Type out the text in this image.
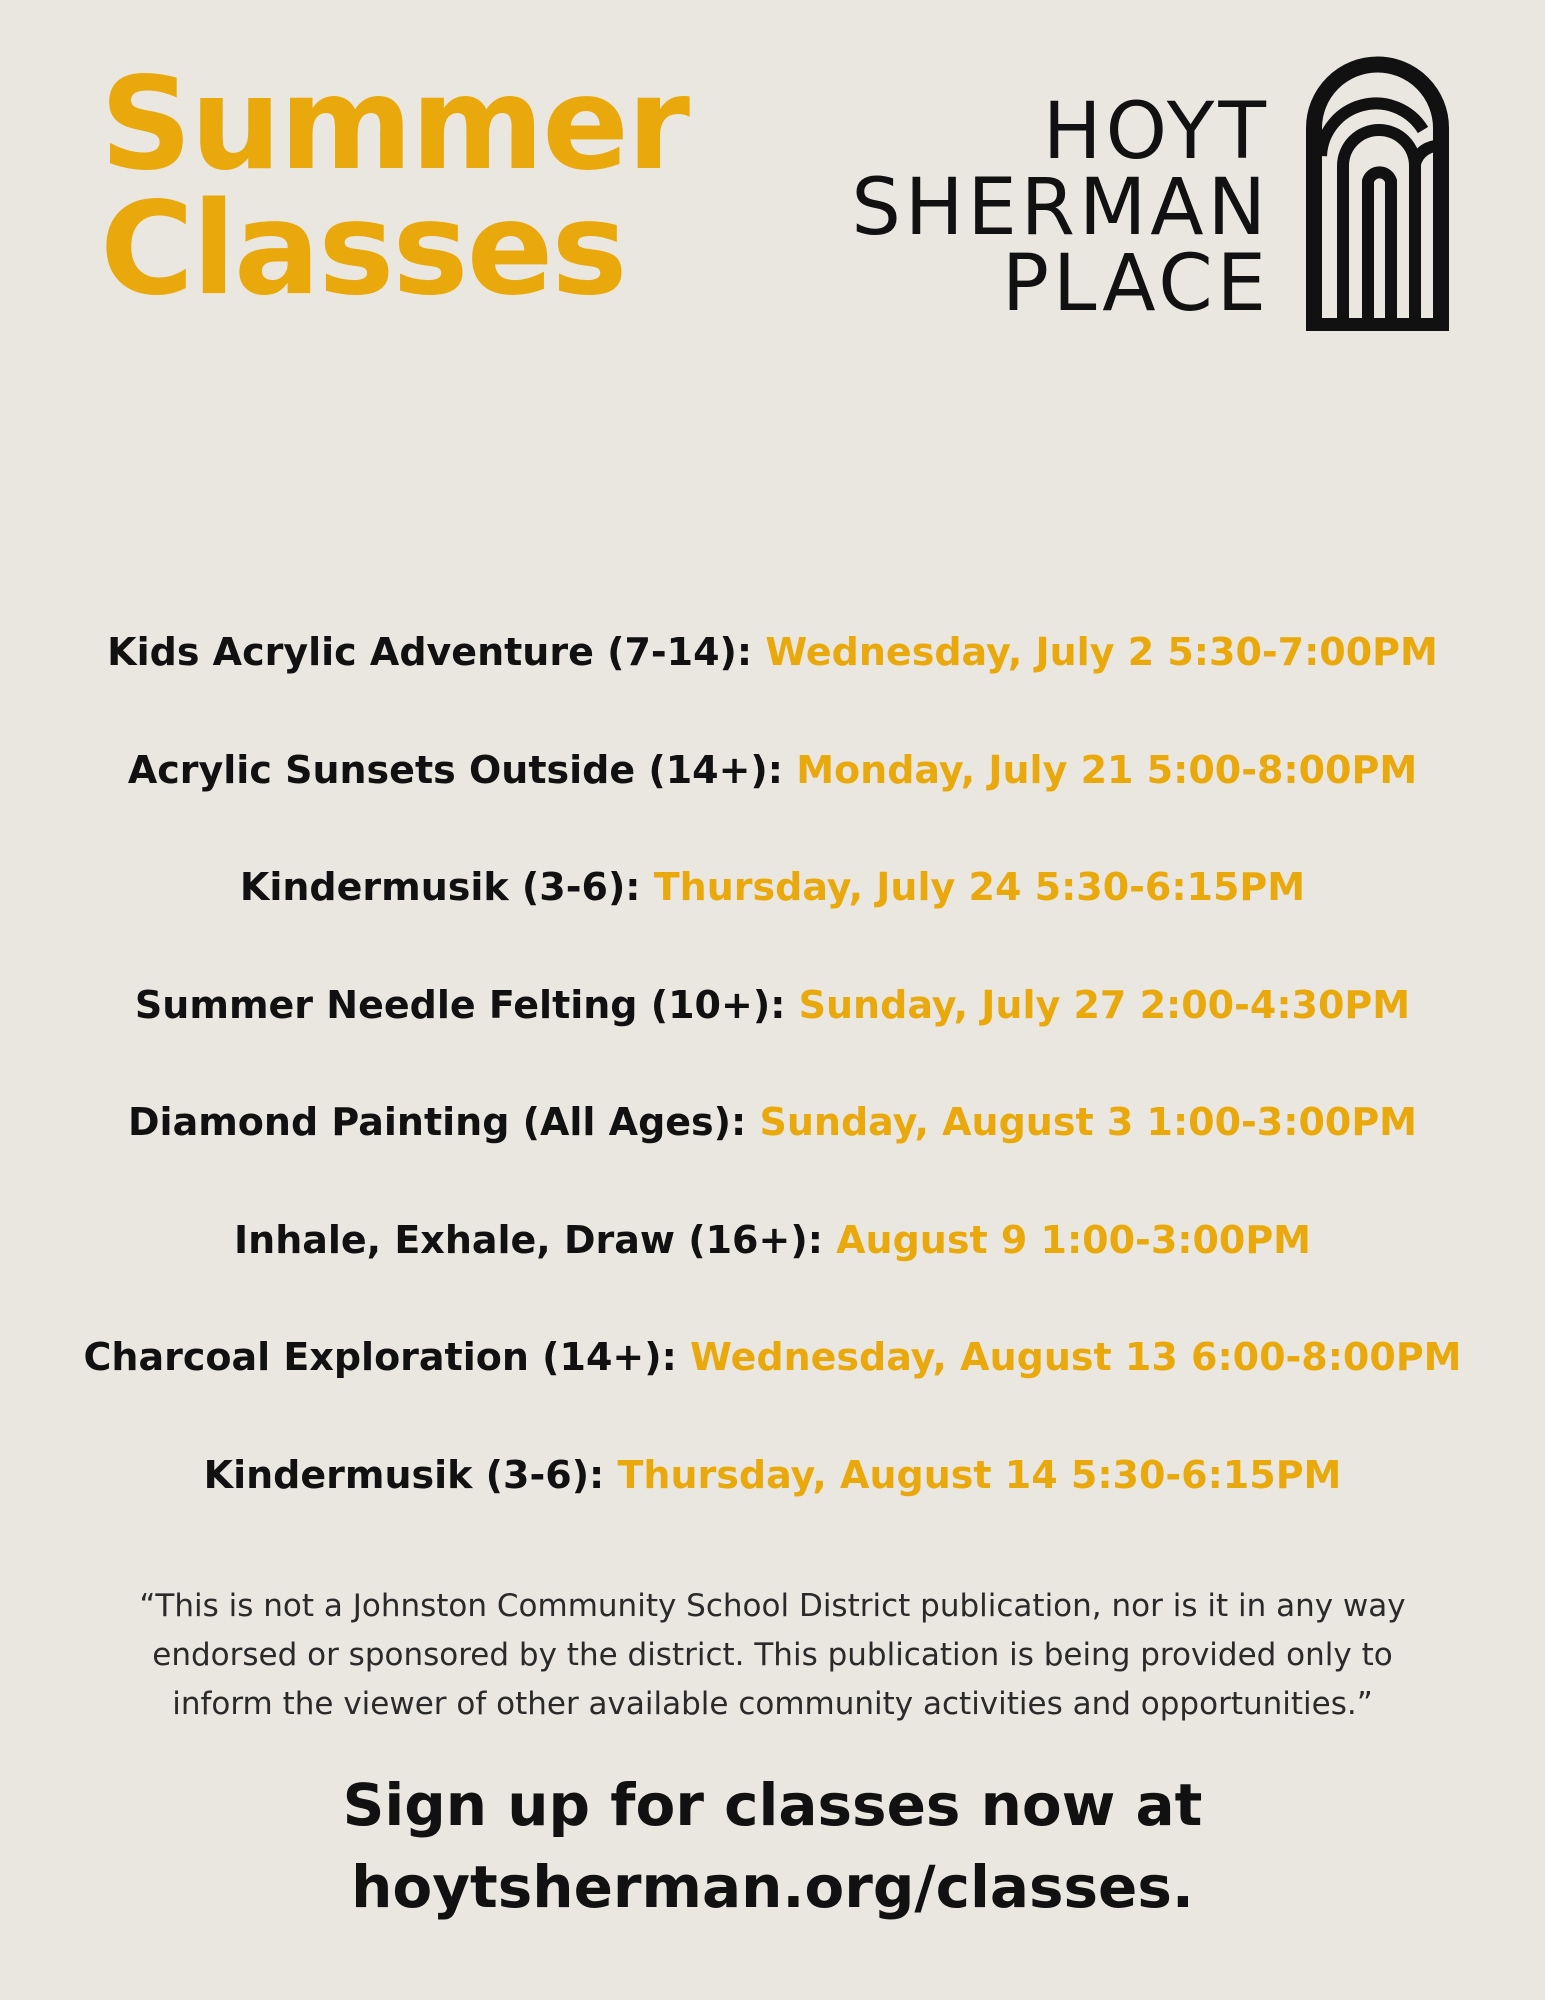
Summer
Classes
HOYT
SHERMAN
PLACE
Kids Acrylic Adventure (7-14): Wednesday, July 2 5:30-7:00PM
Acrylic Sunsets Outside (14+): Monday, July 21 5:00-8:00PM
Kindermusik (3-6): Thursday, July 24 5:30-6:15PM
Summer Needle Felting (10+): Sunday, July 27 2:00-4:30PM
Diamond Painting (All Ages): Sunday, August 3 1:00-3:00PM
Inhale, Exhale, Draw (16+): August 9 1:00-3:00PM
Charcoal Exploration (14+): Wednesday, August 13 6:00-8:00PM
Kindermusik (3-6): Thursday, August 14 5:30-6:15PM

“This is not a Johnston Community School District publication, nor is it in any way
endorsed or sponsored by the district. This publication is being provided only to
inform the viewer of other available community activities and opportunities.”

Sign up for classes now at
hoytsherman.org/classes.
